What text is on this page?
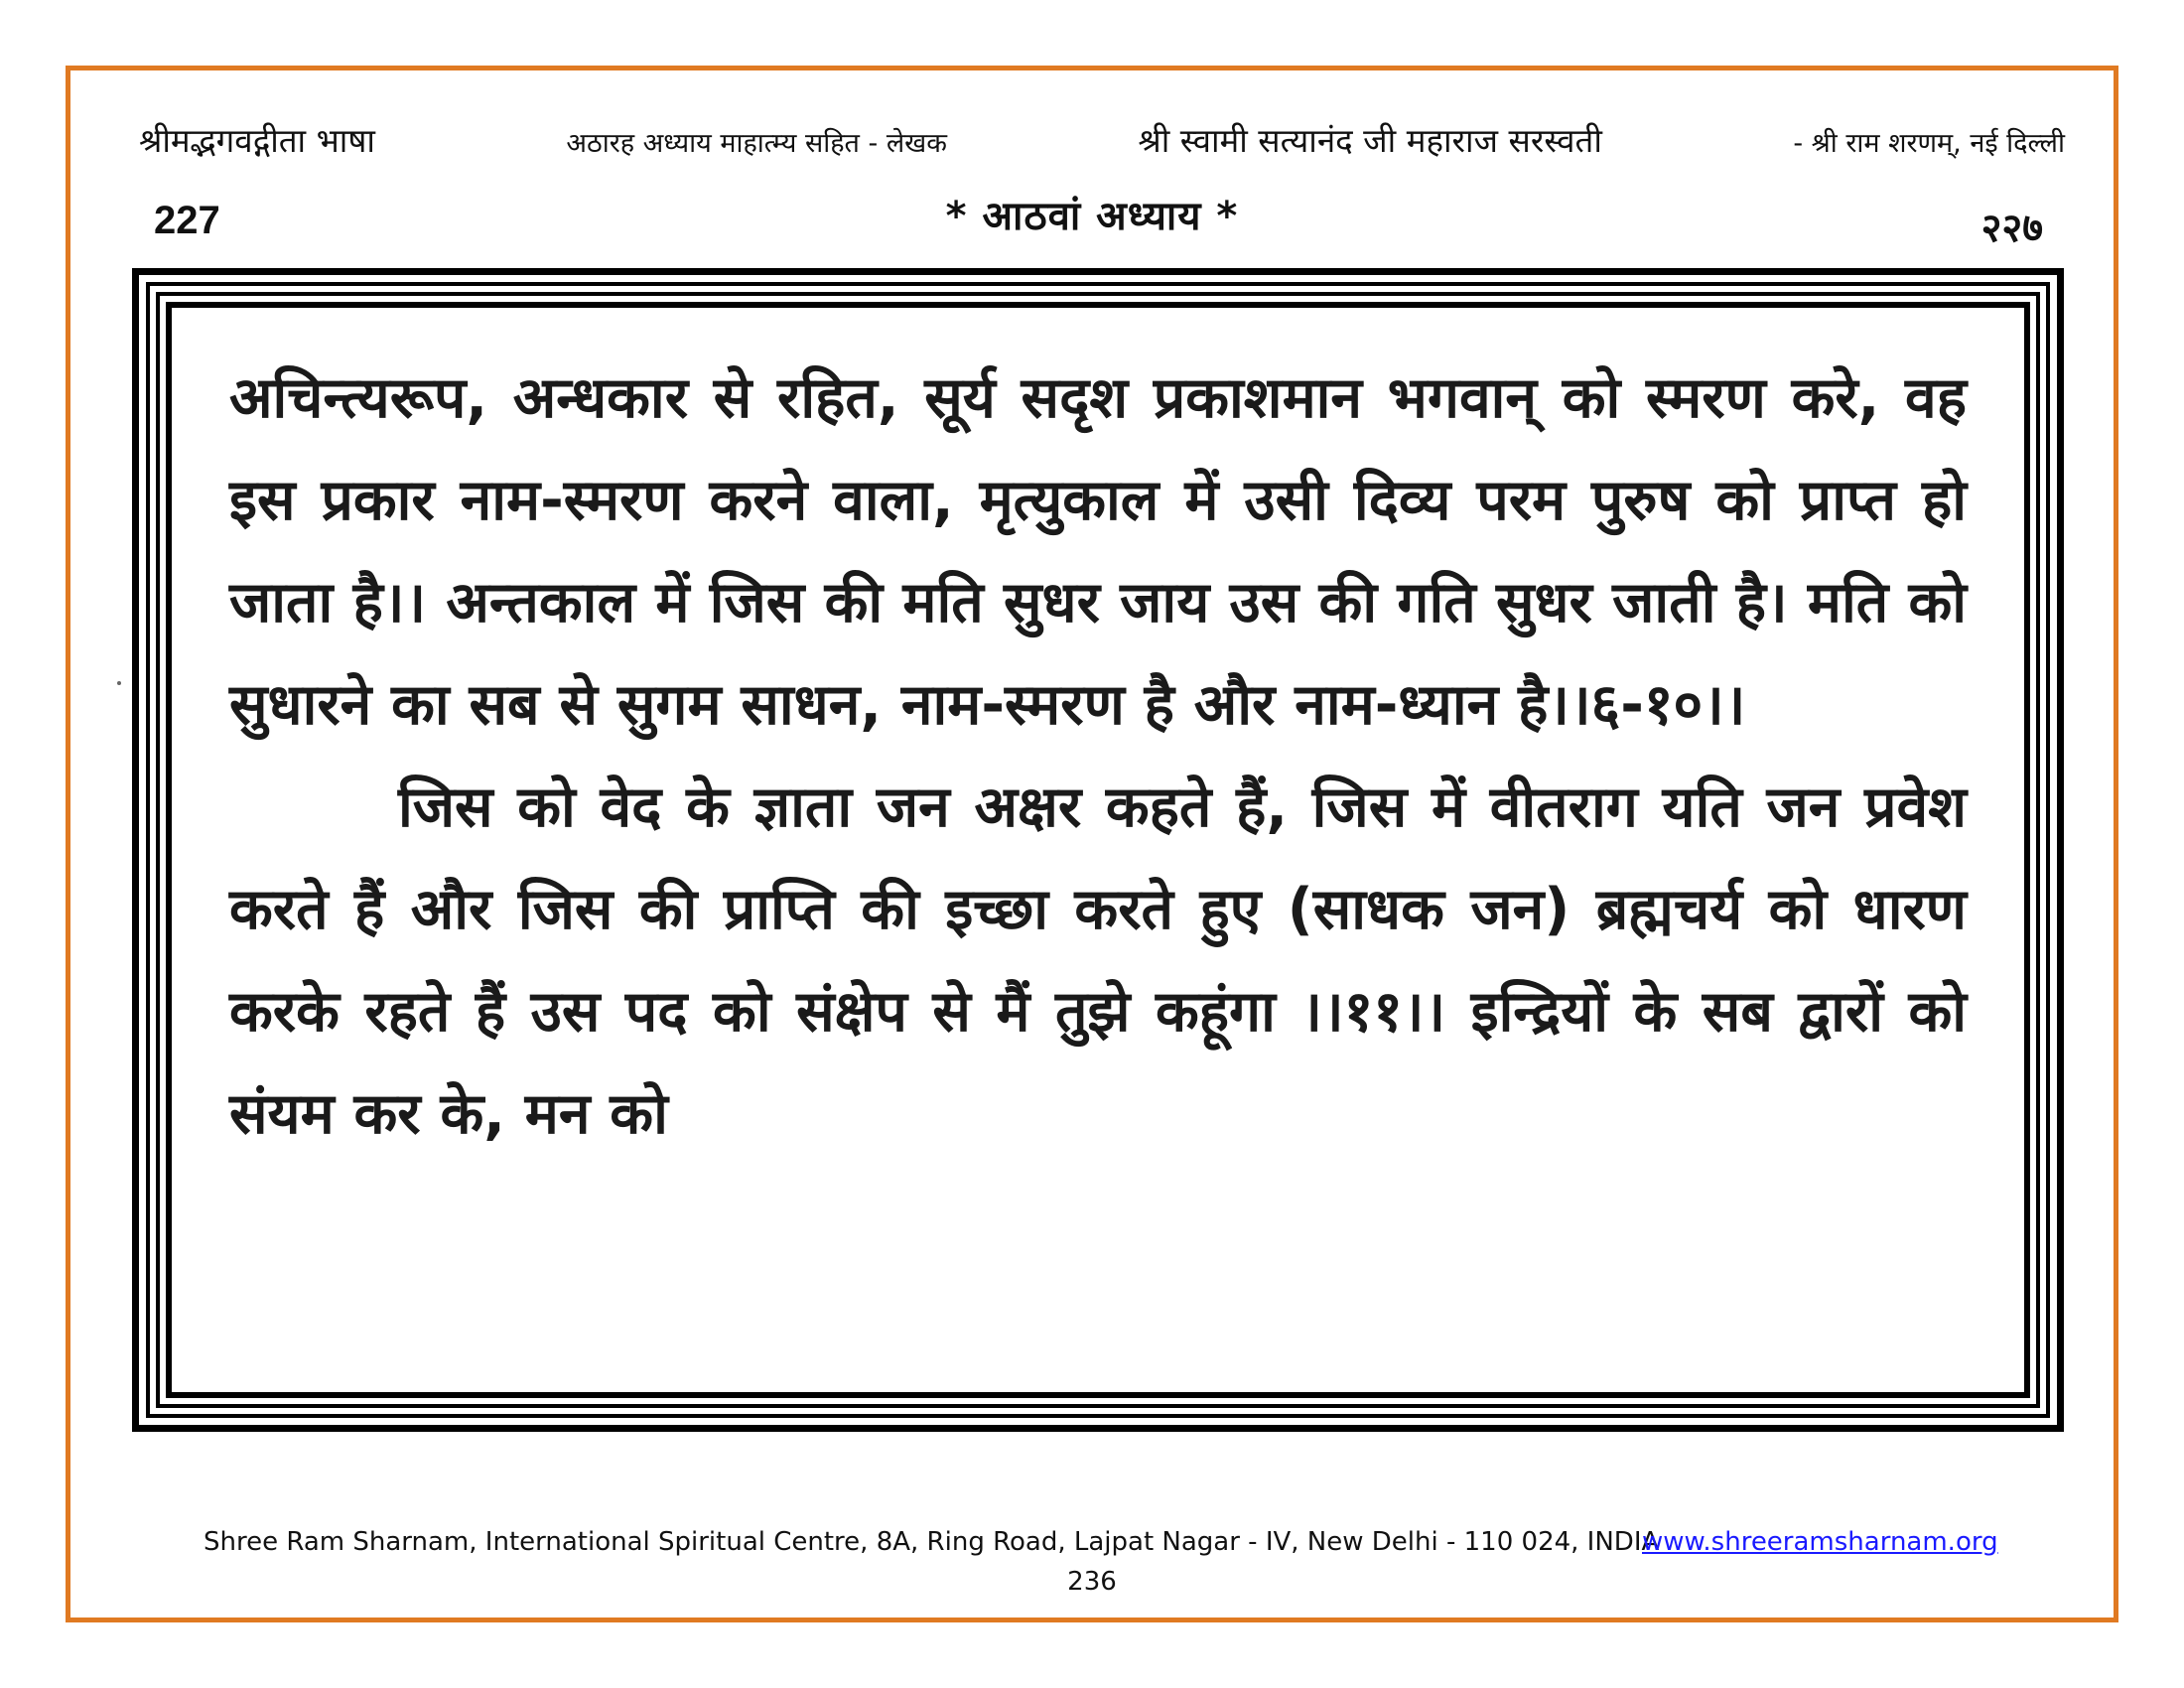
श्रीमद्भगवद्गीता भाषा	अठारह अध्याय माहात्म्य सहित - लेखक	श्री स्वामी सत्यानंद जी महाराज सरस्वती	- श्री राम शरणम्, नई दिल्ली
227	* आठवां अध्याय *	२२७

अचिन्त्यरूप, अन्धकार से रहित, सूर्य सदृश प्रकाशमान भगवान् को स्मरण करे, वह इस प्रकार नाम-स्मरण करने वाला, मृत्युकाल में उसी दिव्य परम पुरुष को प्राप्त हो जाता है।। अन्तकाल में जिस की मति सुधर जाय उस की गति सुधर जाती है। मति को सुधारने का सब से सुगम साधन, नाम-स्मरण है और नाम-ध्यान है।।६-१०।।

जिस को वेद के ज्ञाता जन अक्षर कहते हैं, जिस में वीतराग यति जन प्रवेश करते हैं और जिस की प्राप्ति की इच्छा करते हुए (साधक जन) ब्रह्मचर्य को धारण करके रहते हैं उस पद को संक्षेप से मैं तुझे कहूंगा ।।११।। इन्द्रियों के सब द्वारों को संयम कर के, मन को

Shree Ram Sharnam, International Spiritual Centre, 8A, Ring Road, Lajpat Nagar - IV, New Delhi - 110 024, INDIA
www.shreeramsharnam.org
236
